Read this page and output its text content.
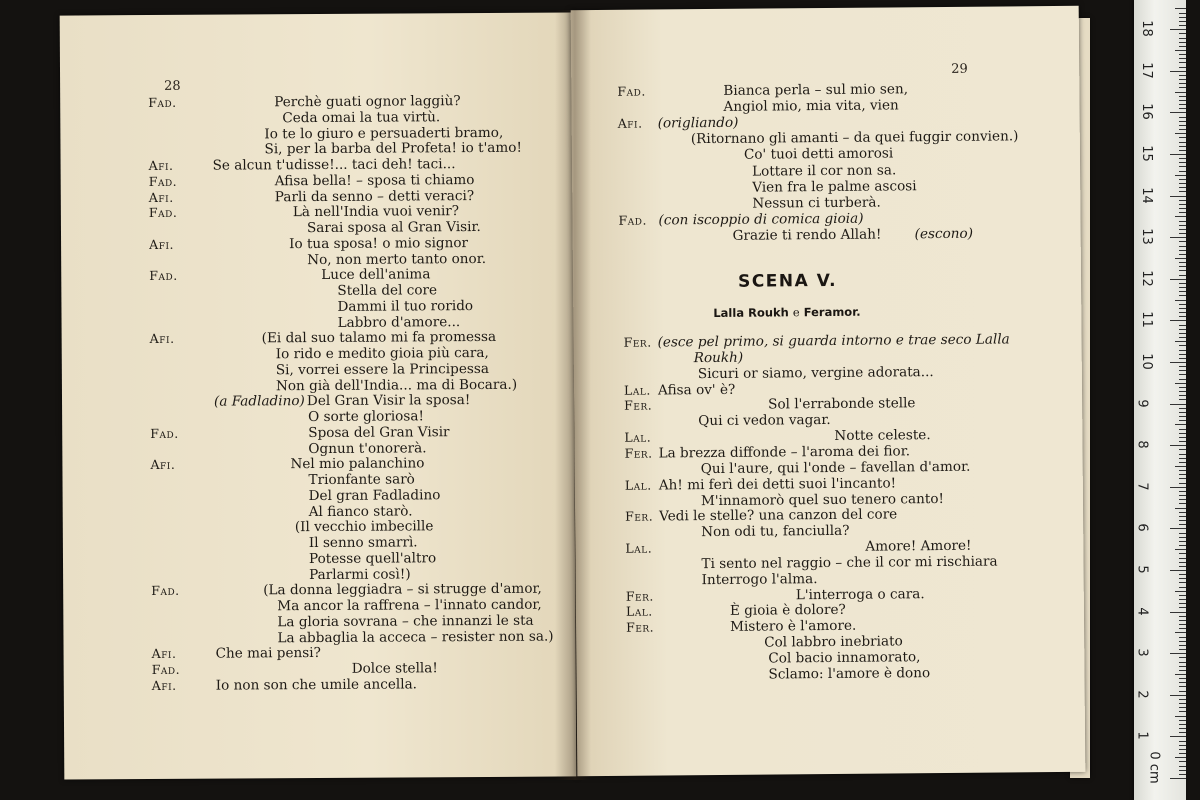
28
Fad.	Perchè guati ognor laggiù?
Ceda omai la tua virtù.
Io te lo giuro e persuaderti bramo,
Si, per la barba del Profeta! io t'amo!
Afi.	Se alcun t'udisse!... taci deh! taci...
Fad.	Afisa bella! – sposa ti chiamo
Afi.	Parli da senno – detti veraci?
Fad.	Là nell'India vuoi venir?
Sarai sposa al Gran Visir.
Afi.	Io tua sposa! o mio signor
No, non merto tanto onor.
Fad.	Luce dell'anima
Stella del core
Dammi il tuo rorido
Labbro d'amore...
Afi.	(Ei dal suo talamo mi fa promessa
Io rido e medito gioia più cara,
Si, vorrei essere la Principessa
Non già dell'India... ma di Bocara.)
(a Fadladino) Del Gran Visir la sposa!
O sorte gloriosa!
Fad.	Sposa del Gran Visir
Ognun t'onorerà.
Afi.	Nel mio palanchino
Trionfante sarò
Del gran Fadladino
Al fianco starò.
(Il vecchio imbecille
Il senno smarrì.
Potesse quell'altro
Parlarmi così!)
Fad.	(La donna leggiadra – si strugge d'amor,
Ma ancor la raffrena – l'innato candor,
La gloria sovrana – che innanzi le sta
La abbaglia la acceca – resister non sa.)
Afi.	Che mai pensi?
Fad.	Dolce stella!
Afi.	Io non son che umile ancella.
29
Fad.	Bianca perla – sul mio sen,
Angiol mio, mia vita, vien
Afi. (origliando)
(Ritornano gli amanti – da quei fuggir convien.)
Co' tuoi detti amorosi
Lottare il cor non sa.
Vien fra le palme ascosi
Nessun ci turberà.
Fad. (con iscoppio di comica gioia)
Grazie ti rendo Allah! (escono)
SCENA V.
Lalla Roukh e Feramor.
Fer. (esce pel primo, si guarda intorno e trae seco Lalla
Roukh)
Sicuri or siamo, vergine adorata...
Lal. Afisa ov' è?
Fer.	Sol l'errabonde stelle
Qui ci vedon vagar.
Lal.	Notte celeste.
Fer. La brezza diffonde – l'aroma dei fior.
Qui l'aure, qui l'onde – favellan d'amor.
Lal. Ah! mi ferì dei detti suoi l'incanto!
M'innamorò quel suo tenero canto!
Fer. Vedi le stelle? una canzon del core
Non odi tu, fanciulla?
Lal.	Amore! Amore!
Ti sento nel raggio – che il cor mi rischiara
Interrogo l'alma.
Fer.	L'interroga o cara.
Lal.	È gioia è dolore?
Fer.	Mistero è l'amore.
Col labbro inebriato
Col bacio innamorato,
Sclamo: l'amore è dono
0 cm
1
2
3
4
5
6
7
8
9
10
11
12
13
14
15
16
17
18
